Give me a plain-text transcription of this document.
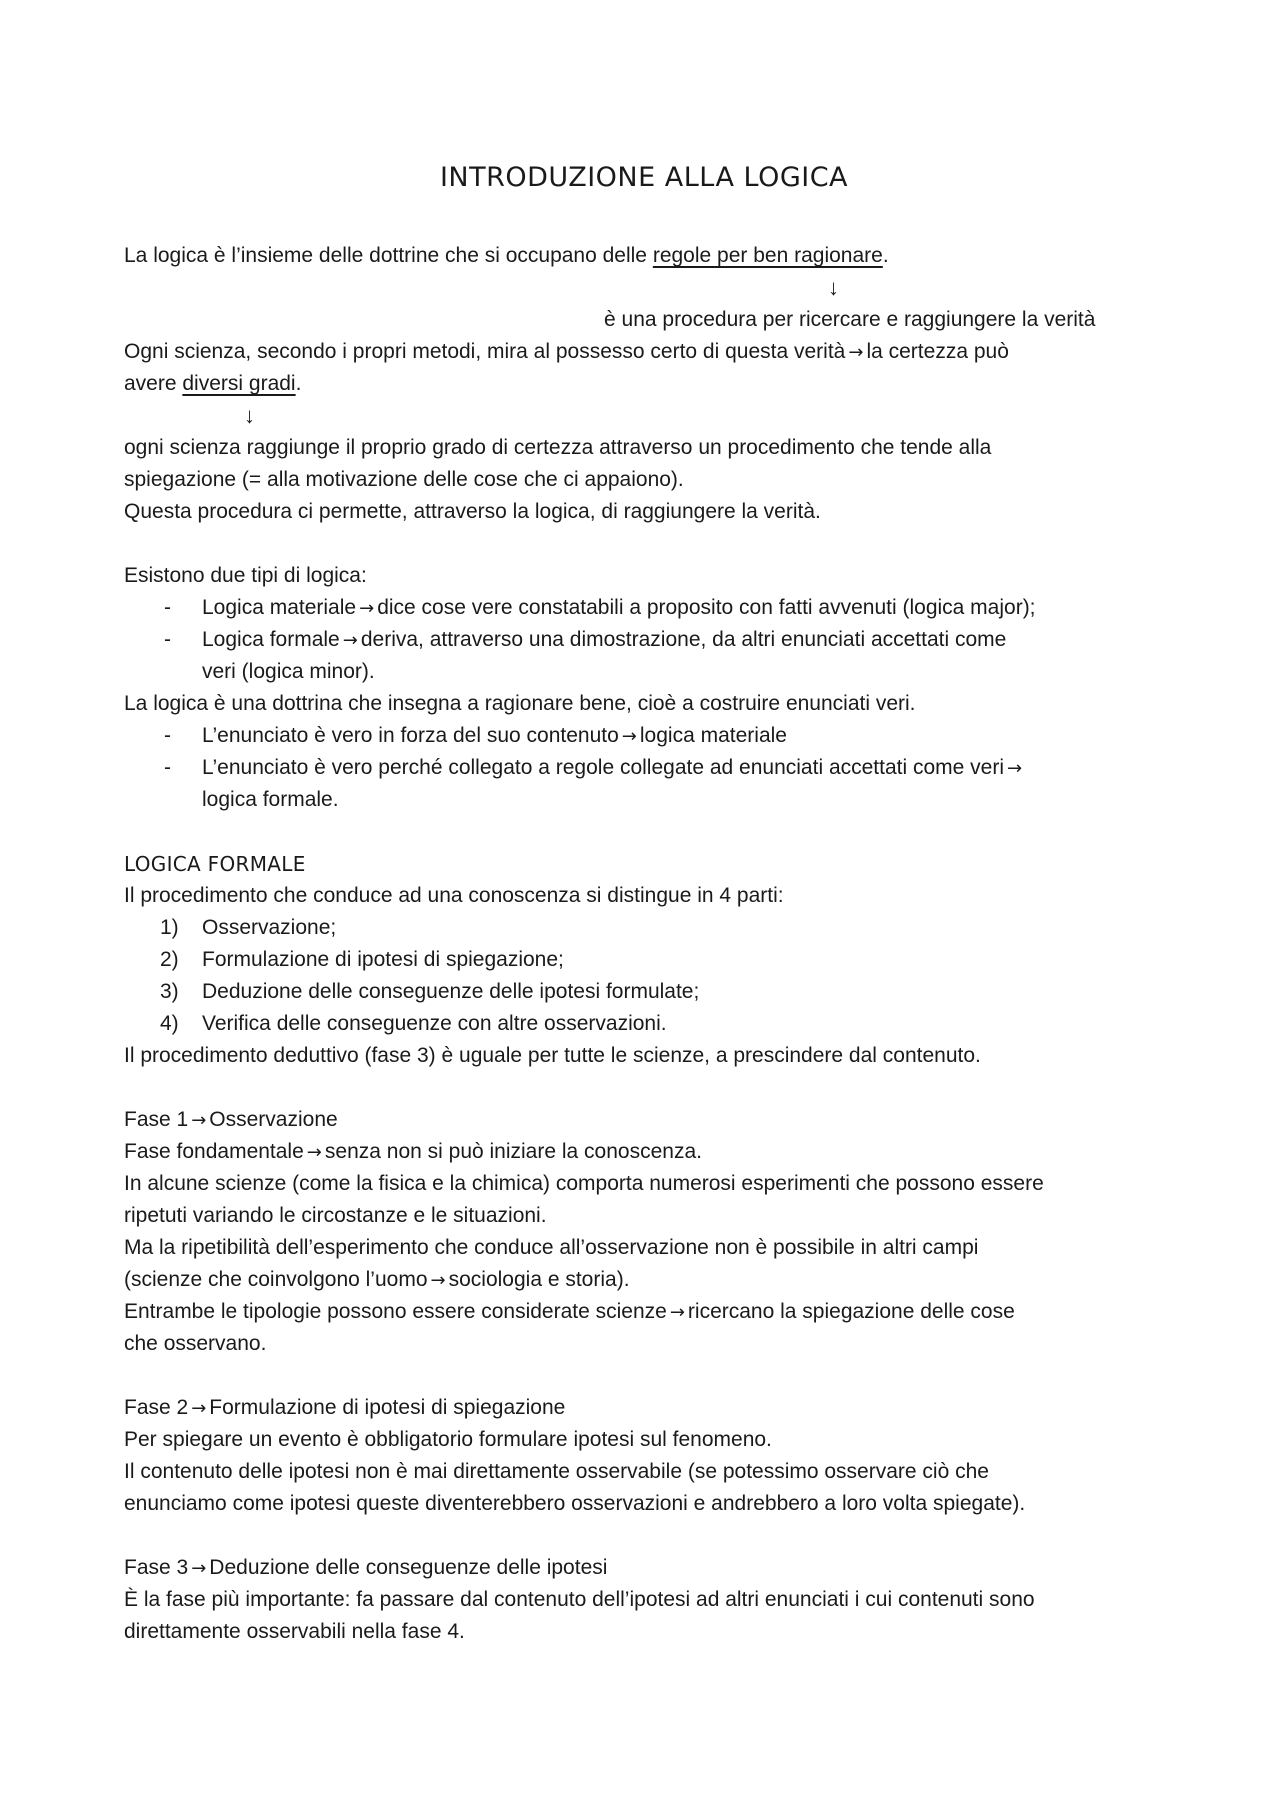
INTRODUZIONE ALLA LOGICA
La logica è l’insieme delle dottrine che si occupano delle regole per ben ragionare.
↓
è una procedura per ricercare e raggiungere la verità
Ogni scienza, secondo i propri metodi, mira al possesso certo di questa verità → la certezza può
avere diversi gradi.
↓
ogni scienza raggiunge il proprio grado di certezza attraverso un procedimento che tende alla
spiegazione (= alla motivazione delle cose che ci appaiono).
Questa procedura ci permette, attraverso la logica, di raggiungere la verità.
Esistono due tipi di logica:
- Logica materiale → dice cose vere constatabili a proposito con fatti avvenuti (logica major);
- Logica formale → deriva, attraverso una dimostrazione, da altri enunciati accettati come
veri (logica minor).
La logica è una dottrina che insegna a ragionare bene, cioè a costruire enunciati veri.
- L’enunciato è vero in forza del suo contenuto → logica materiale
- L’enunciato è vero perché collegato a regole collegate ad enunciati accettati come veri →
logica formale.
LOGICA FORMALE
Il procedimento che conduce ad una conoscenza si distingue in 4 parti:
1) Osservazione;
2) Formulazione di ipotesi di spiegazione;
3) Deduzione delle conseguenze delle ipotesi formulate;
4) Verifica delle conseguenze con altre osservazioni.
Il procedimento deduttivo (fase 3) è uguale per tutte le scienze, a prescindere dal contenuto.
Fase 1 → Osservazione
Fase fondamentale → senza non si può iniziare la conoscenza.
In alcune scienze (come la fisica e la chimica) comporta numerosi esperimenti che possono essere
ripetuti variando le circostanze e le situazioni.
Ma la ripetibilità dell’esperimento che conduce all’osservazione non è possibile in altri campi
(scienze che coinvolgono l’uomo → sociologia e storia).
Entrambe le tipologie possono essere considerate scienze → ricercano la spiegazione delle cose
che osservano.
Fase 2 → Formulazione di ipotesi di spiegazione
Per spiegare un evento è obbligatorio formulare ipotesi sul fenomeno.
Il contenuto delle ipotesi non è mai direttamente osservabile (se potessimo osservare ciò che
enunciamo come ipotesi queste diventerebbero osservazioni e andrebbero a loro volta spiegate).
Fase 3 → Deduzione delle conseguenze delle ipotesi
È la fase più importante: fa passare dal contenuto dell’ipotesi ad altri enunciati i cui contenuti sono
direttamente osservabili nella fase 4.
